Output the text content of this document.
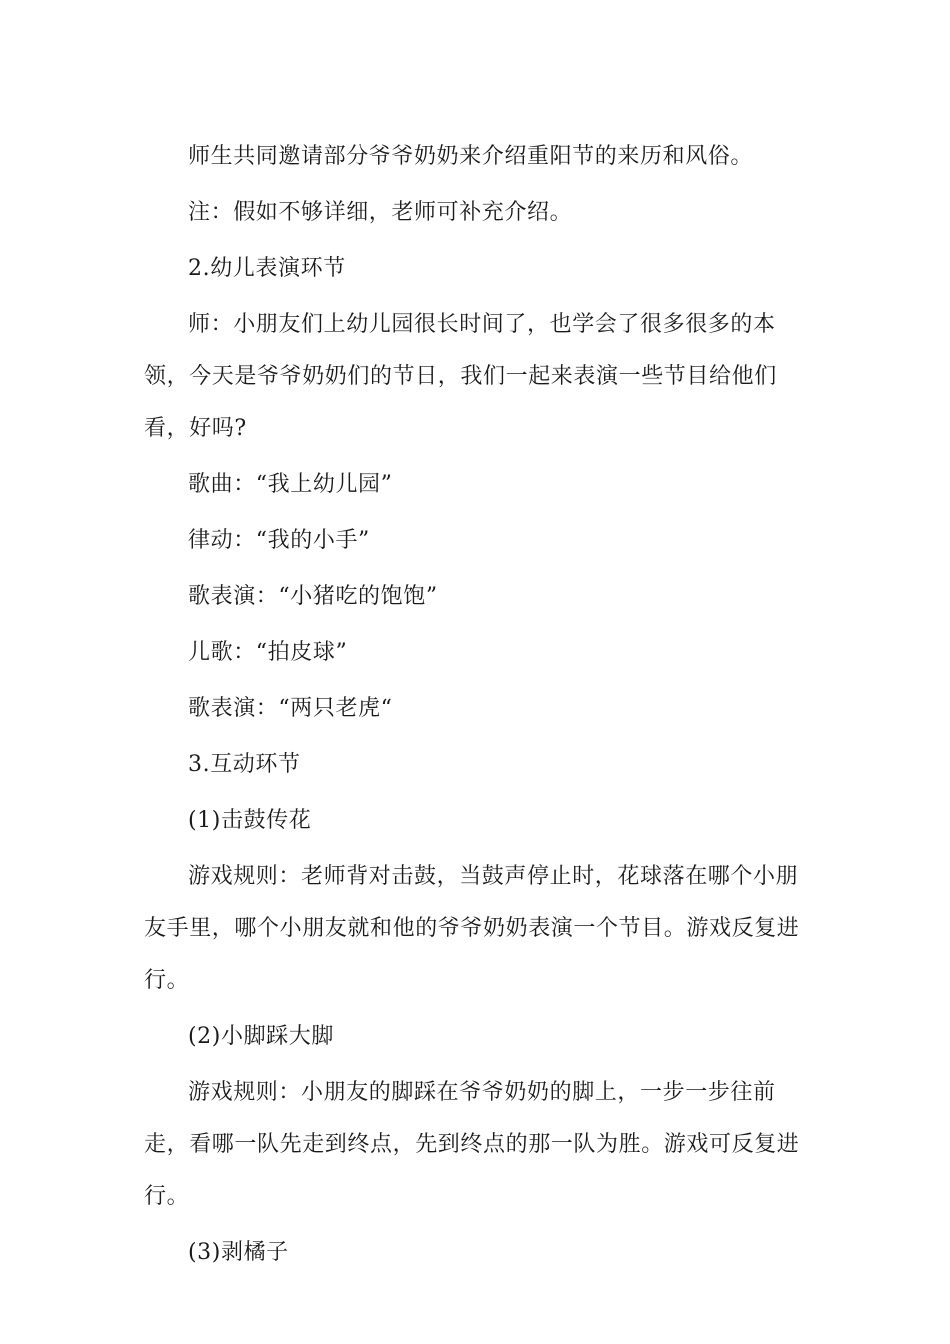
师生共同邀请部分爷爷奶奶来介绍重阳节的来历和风俗。

注：假如不够详细，老师可补充介绍。

2.幼儿表演环节

师：小朋友们上幼儿园很长时间了，也学会了很多很多的本领，今天是爷爷奶奶们的节日，我们一起来表演一些节目给他们看，好吗?

歌曲：“我上幼儿园”

律动：“我的小手”

歌表演：“小猪吃的饱饱”

儿歌：“拍皮球”

歌表演：“两只老虎“

3.互动环节

(1)击鼓传花

游戏规则：老师背对击鼓，当鼓声停止时，花球落在哪个小朋友手里，哪个小朋友就和他的爷爷奶奶表演一个节目。游戏反复进行。

(2)小脚踩大脚

游戏规则：小朋友的脚踩在爷爷奶奶的脚上，一步一步往前走，看哪一队先走到终点，先到终点的那一队为胜。游戏可反复进行。

(3)剥橘子
